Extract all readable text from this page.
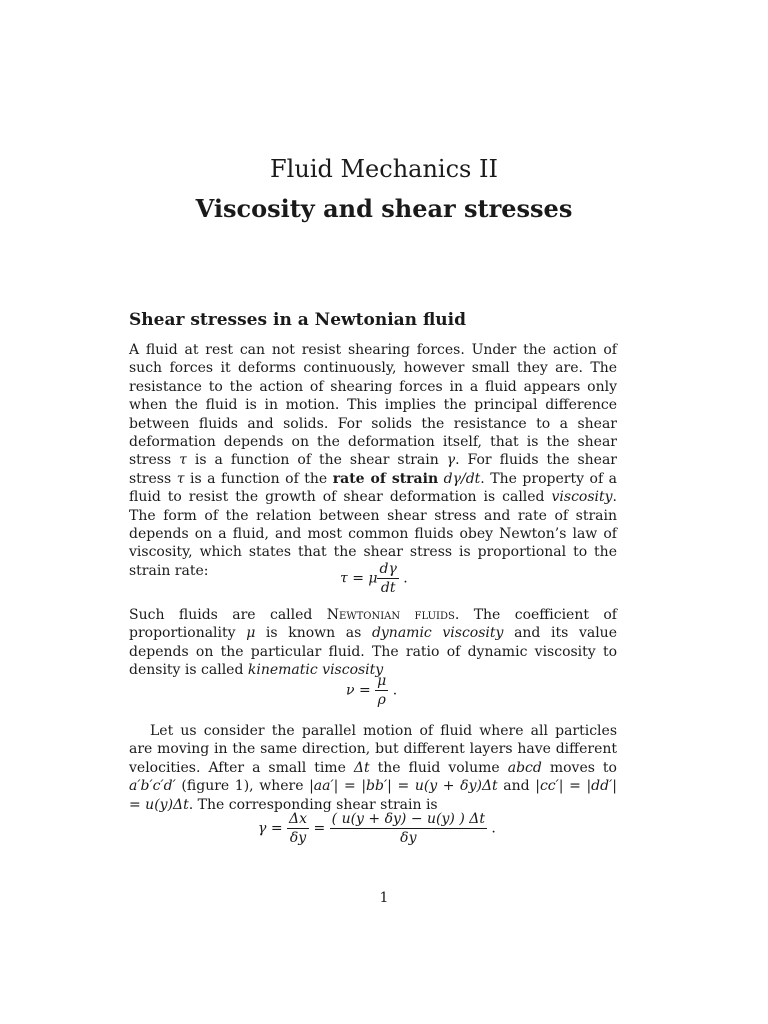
Fluid Mechanics II
Viscosity and shear stresses
Shear stresses in a Newtonian fluid

A fluid at rest can not resist shearing forces. Under the action of such forces it deforms continuously, however small they are. The resistance to the action of shearing forces in a fluid appears only when the fluid is in motion. This implies the principal difference between fluids and solids. For solids the resistance to a shear deformation depends on the deformation itself, that is the shear stress τ is a function of the shear strain γ. For fluids the shear stress τ is a function of the rate of strain dγ/dt. The property of a fluid to resist the growth of shear deformation is called viscosity. The form of the relation between shear stress and rate of strain depends on a fluid, and most common fluids obey Newton’s law of viscosity, which states that the shear stress is proportional to the strain rate:	τ = μ $\frac{d\gamma}{dt}$ .

Such fluids are called Newtonian fluids. The coefficient of proportionality μ is known as dynamic viscosity and its value depends on the particular fluid. The ratio of dynamic viscosity to density is called kinematic viscosity

$\nu = \frac{\mu}{\rho}$ .

Let us consider the parallel motion of fluid where all particles are moving in the same direction, but different layers have different velocities. After a small time Δt the fluid volume abcd moves to a′b′c′d′ (figure 1), where |aa′| = |bb′| = u(y + δy)Δt and |cc′| = |dd′| = u(y)Δt. The corresponding shear strain is

$\gamma = \frac{\Delta x}{\delta y} = \frac{( u(y + \delta y) - u(y) ) \Delta t}{\delta y}$ .
1
